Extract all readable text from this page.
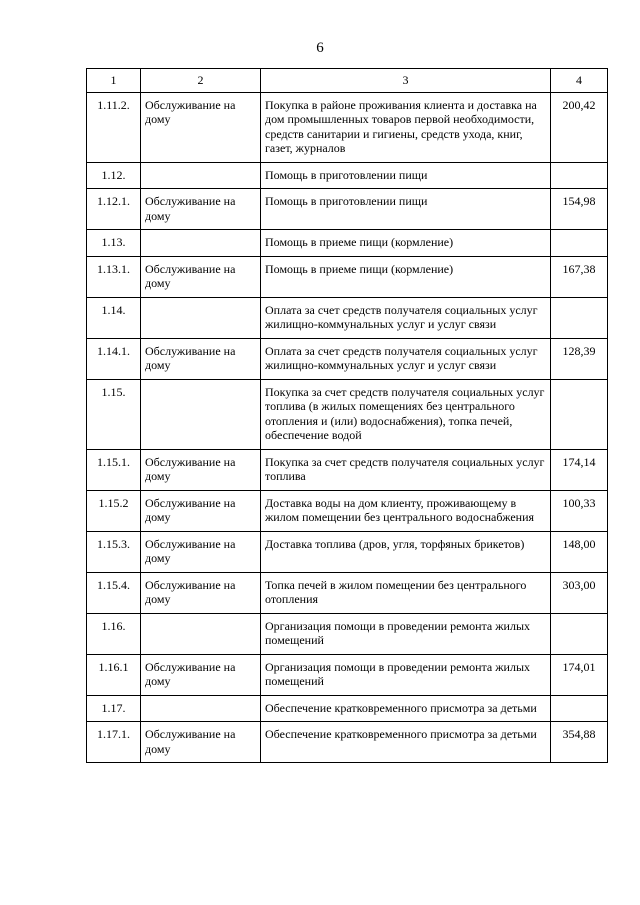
6
1	2	3	4
1.11.2.	Обслуживание на дому	Покупка в районе проживания клиента и доставка на дом промышленных товаров первой необходимости, средств санитарии и гигиены, средств ухода, книг, газет, журналов	200,42
1.12.		Помощь в приготовлении пищи	
1.12.1.	Обслуживание на дому	Помощь в приготовлении пищи	154,98
1.13.		Помощь в приеме пищи (кормление)	
1.13.1.	Обслуживание на дому	Помощь в приеме пищи (кормление)	167,38
1.14.		Оплата за счет средств получателя социальных услуг жилищно-коммунальных услуг и услуг связи	
1.14.1.	Обслуживание на дому	Оплата за счет средств получателя социальных услуг жилищно-коммунальных услуг и услуг связи	128,39
1.15.		Покупка за счет средств получателя социальных услуг топлива (в жилых помещениях без центрального отопления и (или) водоснабжения), топка печей, обеспечение водой	
1.15.1.	Обслуживание на дому	Покупка за счет средств получателя социальных услуг топлива	174,14
1.15.2	Обслуживание на дому	Доставка воды на дом клиенту, проживающему в жилом помещении без центрального водоснабжения	100,33
1.15.3.	Обслуживание на дому	Доставка топлива (дров, угля, торфяных брикетов)	148,00
1.15.4.	Обслуживание на дому	Топка печей в жилом помещении без центрального отопления	303,00
1.16.		Организация помощи в проведении ремонта жилых помещений	
1.16.1	Обслуживание на дому	Организация помощи в проведении ремонта жилых помещений	174,01
1.17.		Обеспечение кратковременного присмотра за детьми	
1.17.1.	Обслуживание на дому	Обеспечение кратковременного присмотра за детьми	354,88
